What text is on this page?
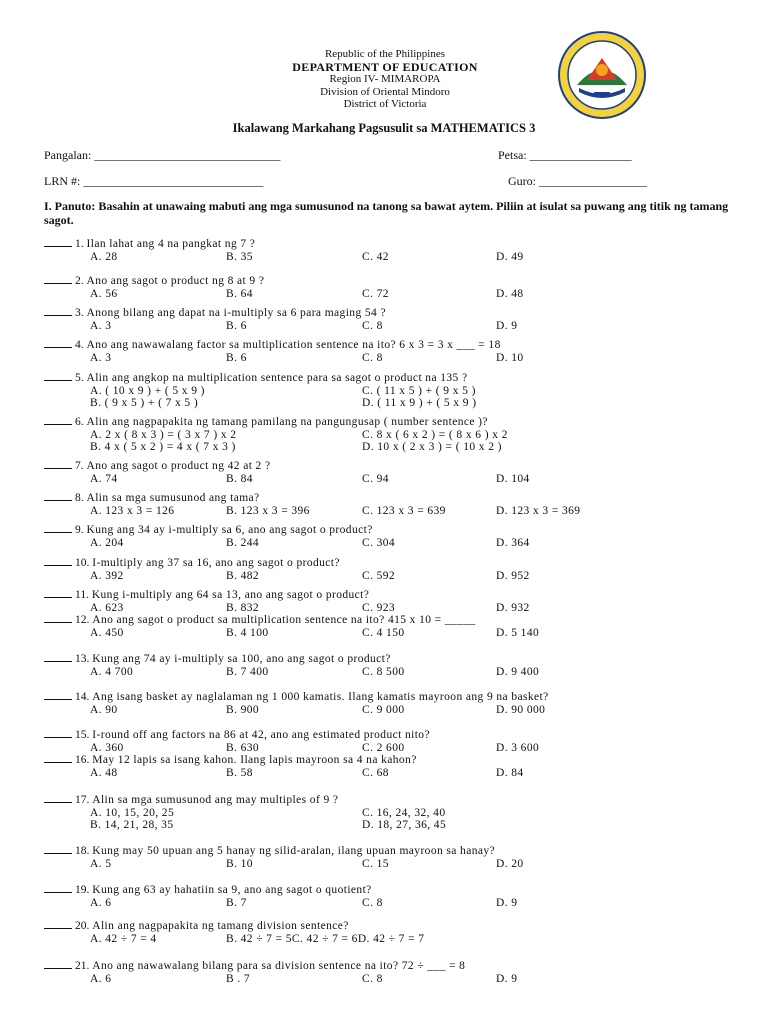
Republic of the Philippines
DEPARTMENT OF EDUCATION
Region IV- MIMAROPA
Division of Oriental Mindoro
District of Victoria
Ikalawang Markahang Pagsusulit sa MATHEMATICS 3
Pangalan: _______________________________	Petsa: _________________
LRN #: ______________________________	Guro: __________________
I. Panuto: Basahin at unawaing mabuti ang mga sumusunod na tanong sa bawat aytem. Piliin at isulat sa puwang ang titik ng tamang sagot.
1. Ilan lahat ang 4 na pangkat ng 7 ?
A. 28	B. 35	C. 42	D. 49
2. Ano ang sagot o product ng 8 at 9 ?
A. 56	B. 64	C. 72	D. 48
3. Anong bilang ang dapat na i-multiply sa 6 para maging 54 ?
A. 3	B. 6	C. 8	D. 9
4. Ano ang nawawalang factor sa multiplication sentence na ito? 6 x 3 = 3 x ___ = 18
A. 3	B. 6	C. 8	D. 10
5. Alin ang angkop na multiplication sentence para sa sagot o product na 135 ?
A. ( 10 x 9 ) + ( 5 x 9 )	C. ( 11 x 5 ) + ( 9 x 5 )
B. ( 9 x 5 ) + ( 7 x 5 )	D. ( 11 x 9 ) + ( 5 x 9 )
6. Alin ang nagpapakita ng tamang pamilang na pangungusap ( number sentence )?
A. 2 x ( 8 x 3 ) = ( 3 x 7 ) x 2	C. 8 x ( 6 x 2 ) = ( 8 x 6 ) x 2
B. 4 x ( 5 x 2 ) = 4 x ( 7 x 3 )	D. 10 x ( 2 x 3 ) = ( 10 x 2 )
7. Ano ang sagot o product ng 42 at 2 ?
A. 74	B. 84	C. 94	D. 104
8. Alin sa mga sumusunod ang tama?
A. 123 x 3 = 126	B. 123 x 3 = 396	C. 123 x 3 = 639	D. 123 x 3 = 369
9. Kung ang 34 ay i-multiply sa 6, ano ang sagot o product?
A. 204	B. 244	C. 304	D. 364
10. I-multiply ang 37 sa 16, ano ang sagot o product?
A. 392	B. 482	C. 592	D. 952
11. Kung i-multiply ang 64 sa 13, ano ang sagot o product?
A. 623	B. 832	C. 923	D. 932
12. Ano ang sagot o product sa multiplication sentence na ito? 415 x 10 = _____
A. 450	B. 4 100	C. 4 150	D. 5 140
13. Kung ang 74 ay i-multiply sa 100, ano ang sagot o product?
A. 4 700	B. 7 400	C. 8 500	D. 9 400
14. Ang isang basket ay naglalaman ng 1 000 kamatis. Ilang kamatis mayroon ang 9 na basket?
A. 90	B. 900	C. 9 000	D. 90 000
15. I-round off ang factors na 86 at 42, ano ang estimated product nito?
A. 360	B. 630	C. 2 600	D. 3 600
16. May 12 lapis sa isang kahon. Ilang lapis mayroon sa 4 na kahon?
A. 48	B. 58	C. 68	D. 84
17. Alin sa mga sumusunod ang may multiples of 9 ?
A. 10, 15, 20, 25	C. 16, 24, 32, 40
B. 14, 21, 28, 35	D. 18, 27, 36, 45
18. Kung may 50 upuan ang 5 hanay ng silid-aralan, ilang upuan mayroon sa hanay?
A. 5	B. 10	C. 15	D. 20
19. Kung ang 63 ay hahatiin sa 9, ano ang sagot o quotient?
A. 6	B. 7	C. 8	D. 9
20. Alin ang nagpapakita ng tamang division sentence?
A. 42 ÷ 7 = 4	B. 42 ÷ 7 = 5C. 42 ÷ 7 = 6D. 42 ÷ 7 = 7
21. Ano ang nawawalang bilang para sa division sentence na ito? 72 ÷ ___ = 8
A. 6	B . 7	C. 8	D. 9
